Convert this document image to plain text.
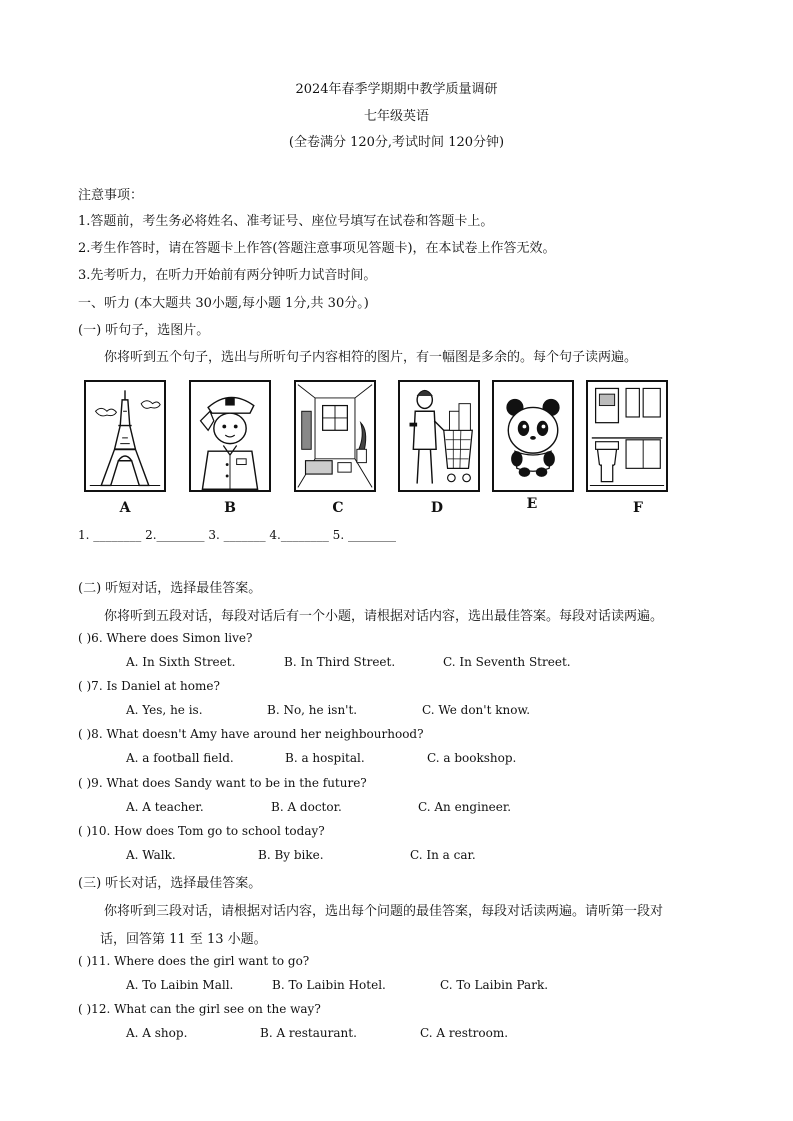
2024年春季学期期中教学质量调研
七年级英语
(全卷满分 120分,考试时间 120分钟)
注意事项：
1.答题前，考生务必将姓名、准考证号、座位号填写在试卷和答题卡上。
2.考生作答时，请在答题卡上作答(答题注意事项见答题卡)，在本试卷上作答无效。
3.先考听力，在听力开始前有两分钟听力试音时间。
一、听力 (本大题共 30小题,每小题 1分,共 30分。)
(一) 听句子，选图片。
你将听到五个句子，选出与所听句子内容相符的图片，有一幅图是多余的。每个句子读两遍。
A	B	C	D	E	F
1. ________ 2.________ 3. _______ 4.________ 5. ________
(二) 听短对话，选择最佳答案。
你将听到五段对话，每段对话后有一个小题，请根据对话内容，选出最佳答案。每段对话读两遍。
( )6. Where does Simon live?
A. In Sixth Street.	B. In Third Street.	C. In Seventh Street.
( )7. Is Daniel at home?
A. Yes, he is.	B. No, he isn't.	C. We don't know.
( )8. What doesn't Amy have around her neighbourhood?
A. a football field.	B. a hospital.	C. a bookshop.
( )9. What does Sandy want to be in the future?
A. A teacher.	B. A doctor.	C. An engineer.
( )10. How does Tom go to school today?
A. Walk.	B. By bike.	C. In a car.
(三) 听长对话，选择最佳答案。
你将听到三段对话，请根据对话内容，选出每个问题的最佳答案，每段对话读两遍。请听第一段对
话，回答第 11 至 13 小题。
( )11. Where does the girl want to go?
A. To Laibin Mall.	B. To Laibin Hotel.	C. To Laibin Park.
( )12. What can the girl see on the way?
A. A shop.	B. A restaurant.	C. A restroom.
